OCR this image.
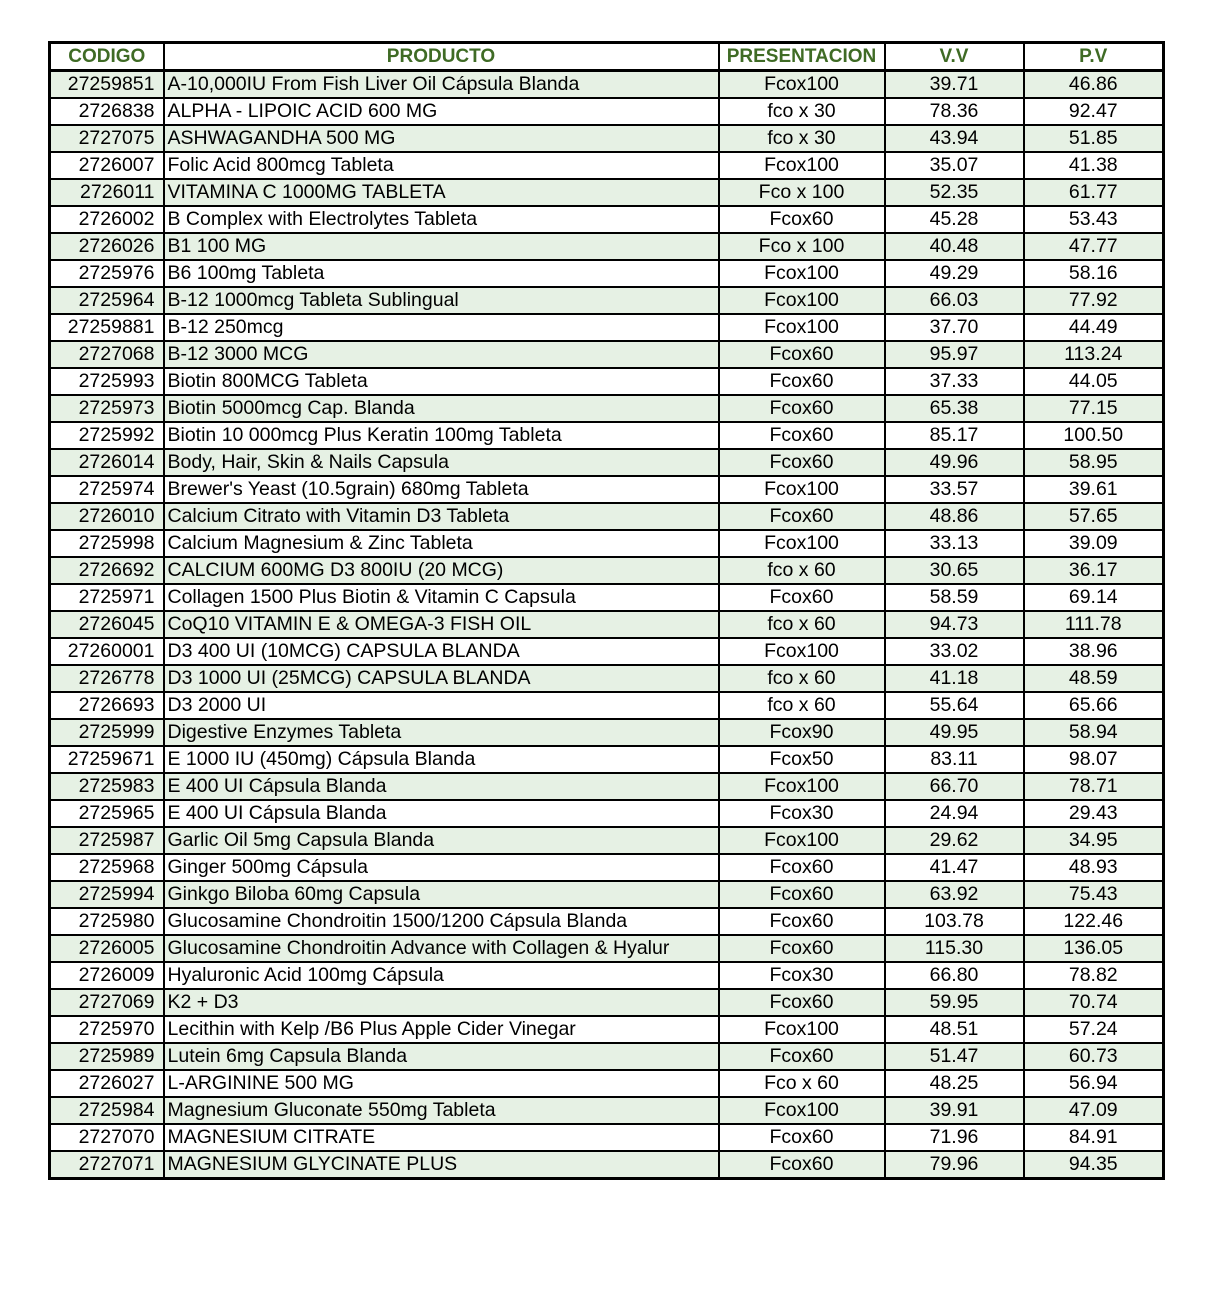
CODIGO	PRODUCTO	PRESENTACION	V.V	P.V
27259851	A-10,000IU From Fish Liver Oil Cápsula Blanda	Fcox100	39.71	46.86
2726838	ALPHA - LIPOIC ACID 600 MG	fco x 30	78.36	92.47
2727075	ASHWAGANDHA 500 MG	fco x 30	43.94	51.85
2726007	Folic Acid 800mcg Tableta	Fcox100	35.07	41.38
2726011	VITAMINA C 1000MG TABLETA	Fco x 100	52.35	61.77
2726002	B Complex with Electrolytes Tableta	Fcox60	45.28	53.43
2726026	B1 100 MG	Fco x 100	40.48	47.77
2725976	B6 100mg Tableta	Fcox100	49.29	58.16
2725964	B-12 1000mcg Tableta Sublingual	Fcox100	66.03	77.92
27259881	B-12 250mcg	Fcox100	37.70	44.49
2727068	B-12 3000 MCG	Fcox60	95.97	113.24
2725993	Biotin 800MCG Tableta	Fcox60	37.33	44.05
2725973	Biotin 5000mcg Cap. Blanda	Fcox60	65.38	77.15
2725992	Biotin 10 000mcg Plus Keratin 100mg Tableta	Fcox60	85.17	100.50
2726014	Body, Hair, Skin & Nails Capsula	Fcox60	49.96	58.95
2725974	Brewer's Yeast (10.5grain) 680mg Tableta	Fcox100	33.57	39.61
2726010	Calcium Citrato with Vitamin D3 Tableta	Fcox60	48.86	57.65
2725998	Calcium Magnesium & Zinc Tableta	Fcox100	33.13	39.09
2726692	CALCIUM 600MG D3 800IU (20 MCG)	fco x 60	30.65	36.17
2725971	Collagen 1500 Plus Biotin & Vitamin C Capsula	Fcox60	58.59	69.14
2726045	CoQ10 VITAMIN E & OMEGA-3 FISH OIL	fco x 60	94.73	111.78
27260001	D3 400 UI (10MCG) CAPSULA BLANDA	Fcox100	33.02	38.96
2726778	D3 1000 UI (25MCG) CAPSULA BLANDA	fco x 60	41.18	48.59
2726693	D3 2000 UI	fco x 60	55.64	65.66
2725999	Digestive Enzymes Tableta	Fcox90	49.95	58.94
27259671	E 1000 IU (450mg) Cápsula Blanda	Fcox50	83.11	98.07
2725983	E 400 UI Cápsula Blanda	Fcox100	66.70	78.71
2725965	E 400 UI Cápsula Blanda	Fcox30	24.94	29.43
2725987	Garlic Oil 5mg Capsula Blanda	Fcox100	29.62	34.95
2725968	Ginger 500mg Cápsula	Fcox60	41.47	48.93
2725994	Ginkgo Biloba 60mg Capsula	Fcox60	63.92	75.43
2725980	Glucosamine Chondroitin 1500/1200 Cápsula Blanda	Fcox60	103.78	122.46
2726005	Glucosamine Chondroitin Advance with Collagen & Hyalur	Fcox60	115.30	136.05
2726009	Hyaluronic Acid 100mg Cápsula	Fcox30	66.80	78.82
2727069	K2 + D3	Fcox60	59.95	70.74
2725970	Lecithin with Kelp /B6 Plus Apple Cider Vinegar	Fcox100	48.51	57.24
2725989	Lutein 6mg Capsula Blanda	Fcox60	51.47	60.73
2726027	L-ARGININE 500 MG	Fco x 60	48.25	56.94
2725984	Magnesium Gluconate 550mg Tableta	Fcox100	39.91	47.09
2727070	MAGNESIUM CITRATE	Fcox60	71.96	84.91
2727071	MAGNESIUM GLYCINATE PLUS	Fcox60	79.96	94.35
